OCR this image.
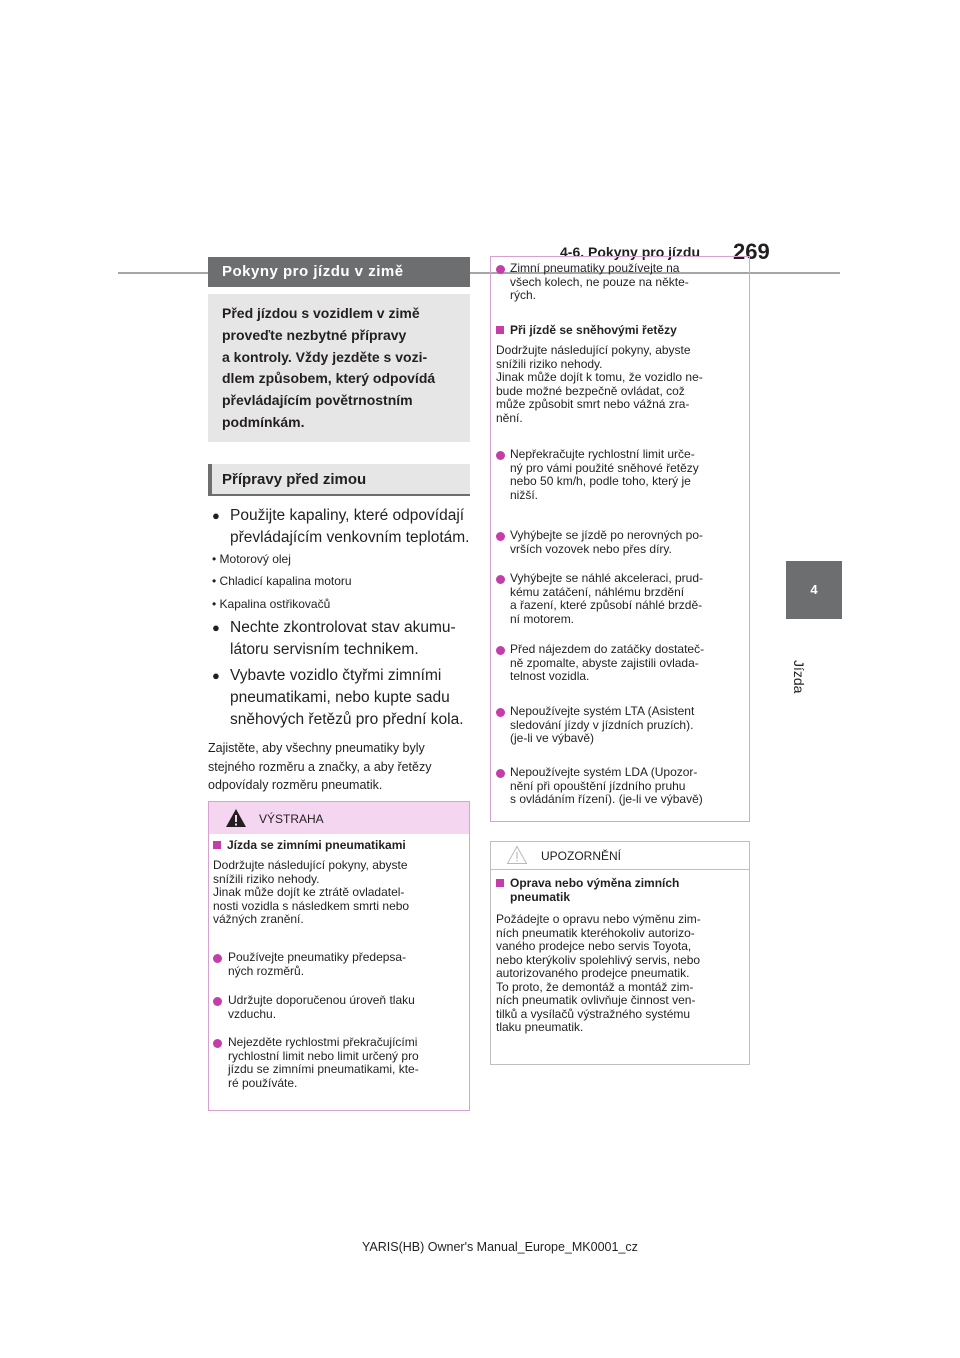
4-6. Pokyny pro jízdu 269
4
Jízda
Pokyny pro jízdu v zimě
Před jízdou s vozidlem v zimě
proveďte nezbytné přípravy
a kontroly. Vždy jezděte s vozi-
dlem způsobem, který odpovídá
převládajícím povětrnostním
podmínkám.
Přípravy před zimou
● Použijte kapaliny, které odpovídají
převládajícím venkovním teplotám.
• Motorový olej
• Chladicí kapalina motoru
• Kapalina ostřikovačů
● Nechte zkontrolovat stav akumu-
látoru servisním technikem.
● Vybavte vozidlo čtyřmi zimními
pneumatikami, nebo kupte sadu
sněhových řetězů pro přední kola.
Zajistěte, aby všechny pneumatiky byly
stejného rozměru a značky, a aby řetězy
odpovídaly rozměru pneumatik.
VÝSTRAHA
Jízda se zimními pneumatikami
Dodržujte následující pokyny, abyste
snížili riziko nehody.
Jinak může dojít ke ztrátě ovladatel-
nosti vozidla s následkem smrti nebo
vážných zranění.
Používejte pneumatiky předepsa-
ných rozměrů.
Udržujte doporučenou úroveň tlaku
vzduchu.
Nejezděte rychlostmi překračujícími
rychlostní limit nebo limit určený pro
jízdu se zimními pneumatikami, kte-
ré používáte.
Zimní pneumatiky používejte na
všech kolech, ne pouze na někte-
rých.
Při jízdě se sněhovými řetězy
Dodržujte následující pokyny, abyste
snížili riziko nehody.
Jinak může dojít k tomu, že vozidlo ne-
bude možné bezpečně ovládat, což
může způsobit smrt nebo vážná zra-
nění.
Nepřekračujte rychlostní limit urče-
ný pro vámi použité sněhové řetězy
nebo 50 km/h, podle toho, který je
nižší.
Vyhýbejte se jízdě po nerovných po-
vrších vozovek nebo přes díry.
Vyhýbejte se náhlé akceleraci, prud-
kému zatáčení, náhlému brzdění
a řazení, které způsobí náhlé brzdě-
ní motorem.
Před nájezdem do zatáčky dostateč-
ně zpomalte, abyste zajistili ovlada-
telnost vozidla.
Nepoužívejte systém LTA (Asistent
sledování jízdy v jízdních pruzích).
(je-li ve výbavě)
Nepoužívejte systém LDA (Upozor-
nění při opouštění jízdního pruhu
s ovládáním řízení). (je-li ve výbavě)
UPOZORNĚNÍ
Oprava nebo výměna zimních
pneumatik
Požádejte o opravu nebo výměnu zim-
ních pneumatik kteréhokoliv autorizo-
vaného prodejce nebo servis Toyota,
nebo kterýkoliv spolehlivý servis, nebo
autorizovaného prodejce pneumatik.
To proto, že demontáž a montáž zim-
ních pneumatik ovlivňuje činnost ven-
tilků a vysílačů výstražného systému
tlaku pneumatik.
YARIS(HB) Owner's Manual_Europe_MK0001_cz
